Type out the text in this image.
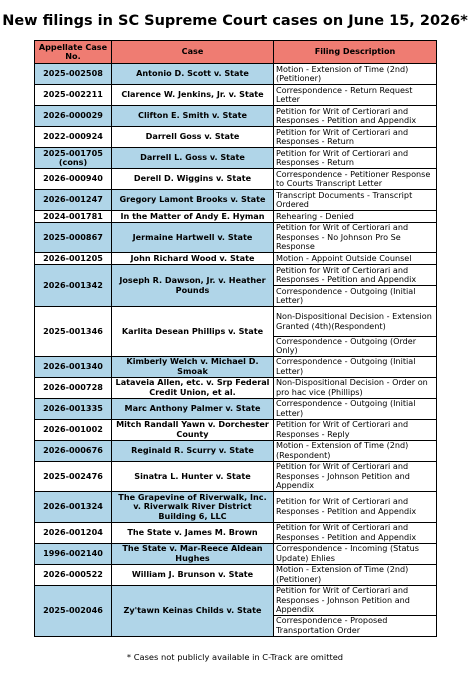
New filings in SC Supreme Court cases on June 15, 2026*
Appellate Case No.	Case	Filing Description
2025-002508	Antonio D. Scott v. State	Motion - Extension of Time (2nd) (Petitioner)
2025-002211	Clarence W. Jenkins, Jr. v. State	Correspondence - Return Request Letter
2026-000029	Clifton E. Smith v. State	Petition for Writ of Certiorari and Responses - Petition and Appendix
2022-000924	Darrell Goss v. State	Petition for Writ of Certiorari and Responses - Return
2025-001705 (cons)	Darrell L. Goss v. State	Petition for Writ of Certiorari and Responses - Return
2026-000940	Derell D. Wiggins v. State	Correspondence - Petitioner Response to Courts Transcript Letter
2026-001247	Gregory Lamont Brooks v. State	Transcript Documents - Transcript Ordered
2024-001781	In the Matter of Andy E. Hyman	Rehearing - Denied
2025-000867	Jermaine Hartwell v. State	Petition for Writ of Certiorari and Responses - No Johnson Pro Se Response
2026-001205	John Richard Wood v. State	Motion - Appoint Outside Counsel
2026-001342	Joseph R. Dawson, Jr. v. Heather Pounds	Petition for Writ of Certiorari and Responses - Petition and Appendix
		Correspondence - Outgoing (Initial Letter)
2025-001346	Karlita Desean Phillips v. State	Non-Dispositional Decision - Extension Granted (4th)(Respondent)
		Correspondence - Outgoing (Order Only)
2026-001340	Kimberly Welch v. Michael D. Smoak	Correspondence - Outgoing (Initial Letter)
2026-000728	Lataveia Allen, etc. v. Srp Federal Credit Union, et al.	Non-Dispositional Decision - Order on pro hac vice (Phillips)
2026-001335	Marc Anthony Palmer v. State	Correspondence - Outgoing (Initial Letter)
2026-001002	Mitch Randall Yawn v. Dorchester County	Petition for Writ of Certiorari and Responses - Reply
2026-000676	Reginald R. Scurry v. State	Motion - Extension of Time (2nd) (Respondent)
2025-002476	Sinatra L. Hunter v. State	Petition for Writ of Certiorari and Responses - Johnson Petition and Appendix
2026-001324	The Grapevine of Riverwalk, Inc. v. Riverwalk River District Building 6, LLC	Petition for Writ of Certiorari and Responses - Petition and Appendix
2026-001204	The State v. James M. Brown	Petition for Writ of Certiorari and Responses - Petition and Appendix
1996-002140	The State v. Mar-Reece Aldean Hughes	Correspondence - Incoming (Status Update) Ehlies
2026-000522	William J. Brunson v. State	Motion - Extension of Time (2nd) (Petitioner)
2025-002046	Zy'tawn Keinas Childs v. State	Petition for Writ of Certiorari and Responses - Johnson Petition and Appendix
		Correspondence - Proposed Transportation Order
* Cases not publicly available in C-Track are omitted
